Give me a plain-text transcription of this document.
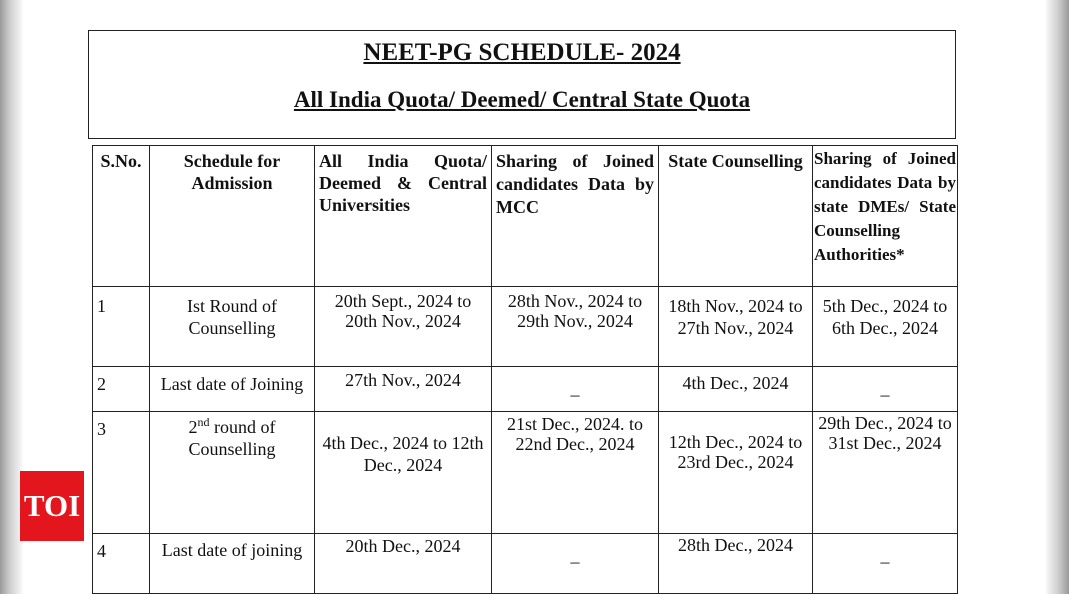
NEET-PG SCHEDULE- 2024
All India Quota/ Deemed/ Central State Quota
S.No.	Schedule for Admission	All India Quota/ Deemed & Central Universities	Sharing of Joined candidates Data by MCC	State Counselling	Sharing of Joined candidates Data by state DMEs/ State Counselling Authorities*
1	Ist Round of Counselling	20th Sept., 2024 to 20th Nov., 2024	28th Nov., 2024 to 29th Nov., 2024	18th Nov., 2024 to 27th Nov., 2024	5th Dec., 2024 to 6th Dec., 2024
2	Last date of Joining	27th Nov., 2024	_	4th Dec., 2024	_
3	2nd round of Counselling	4th Dec., 2024 to 12th Dec., 2024	21st Dec., 2024. to 22nd Dec., 2024	12th Dec., 2024 to 23rd Dec., 2024	29th Dec., 2024 to 31st Dec., 2024
4	Last date of joining	20th Dec., 2024	_	28th Dec., 2024	_
TOI
